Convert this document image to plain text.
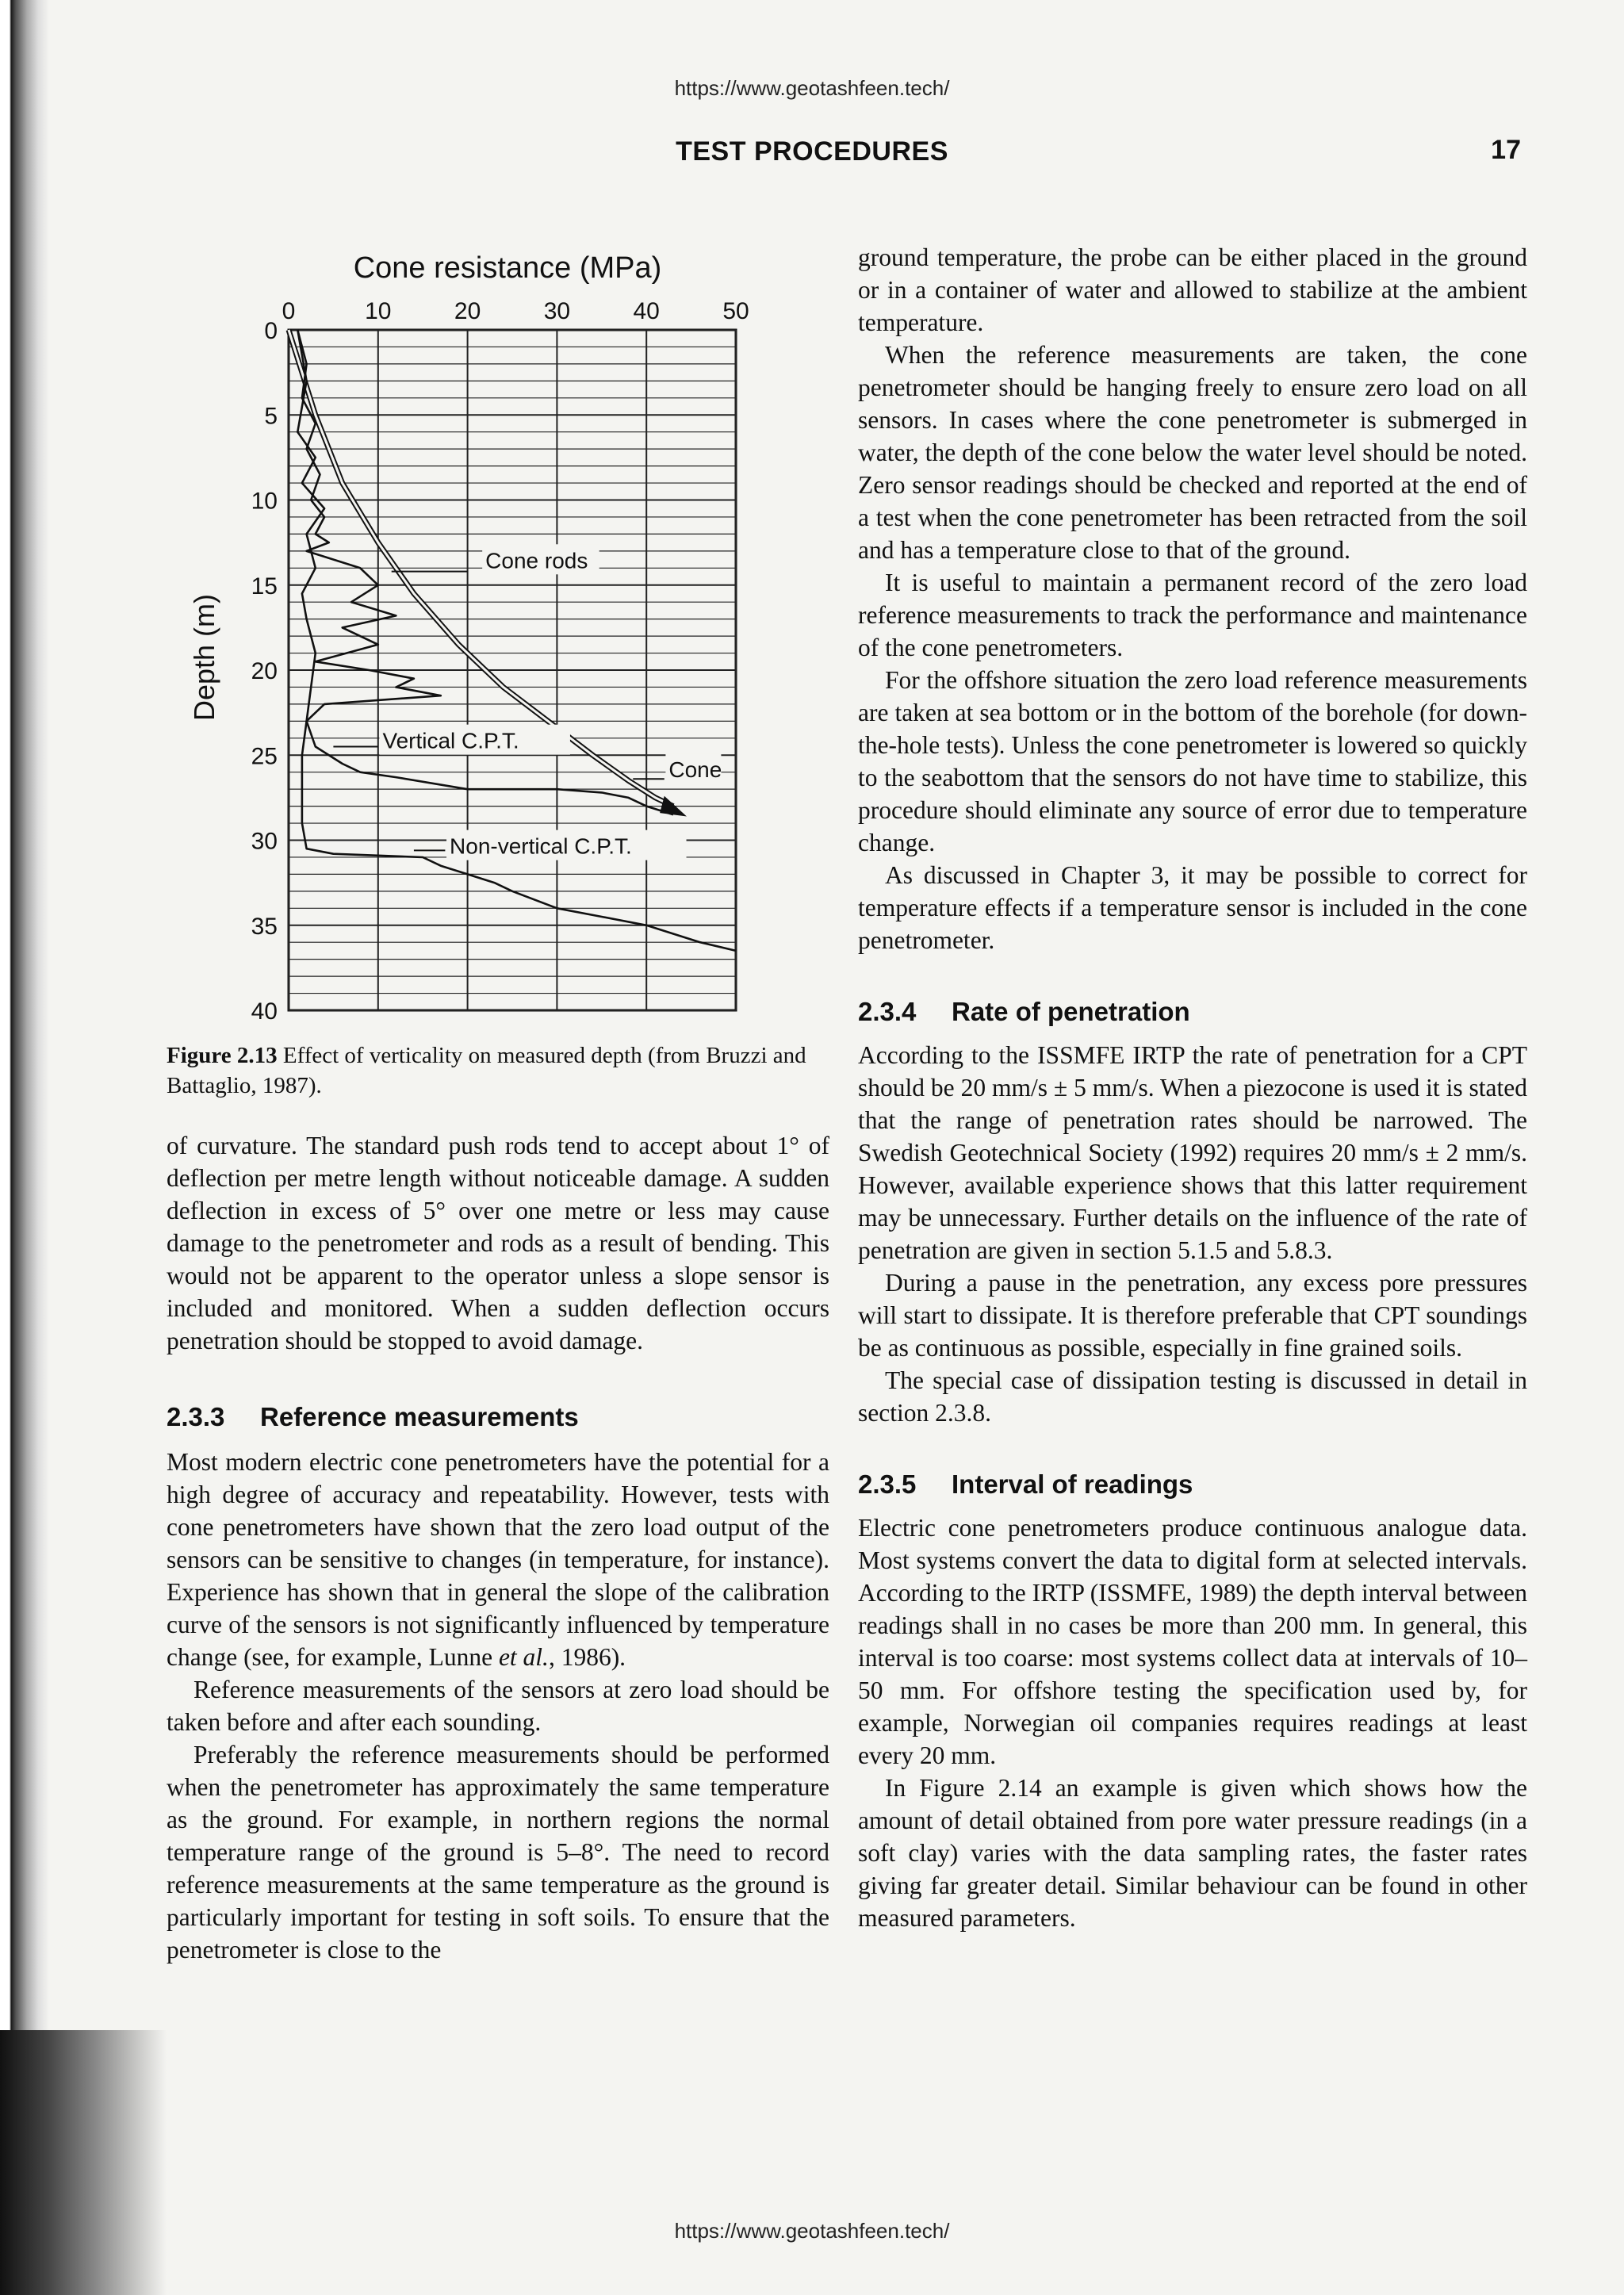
https://www.geotashfeen.tech/
TEST PROCEDURES	17
0	10	20	30	40	50
0
5
10
15
20
25
30
35
40
Cone resistance (MPa)
Depth (m)
Cone rods
Vertical C.P.T.
Non-vertical C.P.T.
Cone
Figure 2.13 Effect of verticality on measured depth (from Bruzzi and Battaglio, 1987).

of curvature. The standard push rods tend to accept about 1° of deflection per metre length without noticeable damage. A sudden deflection in excess of 5° over one metre or less may cause damage to the penetrometer and rods as a result of bending. This would not be apparent to the operator unless a slope sensor is included and monitored. When a sudden deflection occurs penetration should be stopped to avoid damage.

2.3.3 Reference measurements

Most modern electric cone penetrometers have the potential for a high degree of accuracy and repeatability. However, tests with cone penetrometers have shown that the zero load output of the sensors can be sensitive to changes (in temperature, for instance). Experience has shown that in general the slope of the calibration curve of the sensors is not significantly influenced by temperature change (see, for example, Lunne et al., 1986).

Reference measurements of the sensors at zero load should be taken before and after each sounding.

Preferably the reference measurements should be performed when the penetrometer has approximately the same temperature as the ground. For example, in northern regions the normal temperature range of the ground is 5–8°. The need to record reference measurements at the same temperature as the ground is particularly important for testing in soft soils. To ensure that the penetrometer is close to the

ground temperature, the probe can be either placed in the ground or in a container of water and allowed to stabilize at the ambient temperature.

When the reference measurements are taken, the cone penetrometer should be hanging freely to ensure zero load on all sensors. In cases where the cone penetrometer is submerged in water, the depth of the cone below the water level should be noted. Zero sensor readings should be checked and reported at the end of a test when the cone penetrometer has been retracted from the soil and has a temperature close to that of the ground.

It is useful to maintain a permanent record of the zero load reference measurements to track the performance and maintenance of the cone penetrometers.

For the offshore situation the zero load reference measurements are taken at sea bottom or in the bottom of the borehole (for down-the-hole tests). Unless the cone penetrometer is lowered so quickly to the seabottom that the sensors do not have time to stabilize, this procedure should eliminate any source of error due to temperature change.

As discussed in Chapter 3, it may be possible to correct for temperature effects if a temperature sensor is included in the cone penetrometer.

2.3.4 Rate of penetration

According to the ISSMFE IRTP the rate of penetration for a CPT should be 20 mm/s ± 5 mm/s. When a piezocone is used it is stated that the range of penetration rates should be narrowed. The Swedish Geotechnical Society (1992) requires 20 mm/s ± 2 mm/s. However, available experience shows that this latter requirement may be unnecessary. Further details on the influence of the rate of penetration are given in section 5.1.5 and 5.8.3.

During a pause in the penetration, any excess pore pressures will start to dissipate. It is therefore preferable that CPT soundings be as continuous as possible, especially in fine grained soils.

The special case of dissipation testing is discussed in detail in section 2.3.8.

2.3.5 Interval of readings

Electric cone penetrometers produce continuous analogue data. Most systems convert the data to digital form at selected intervals. According to the IRTP (ISSMFE, 1989) the depth interval between readings shall in no cases be more than 200 mm. In general, this interval is too coarse: most systems collect data at intervals of 10–50 mm. For offshore testing the specification used by, for example, Norwegian oil companies requires readings at least every 20 mm.

In Figure 2.14 an example is given which shows how the amount of detail obtained from pore water pressure readings (in a soft clay) varies with the data sampling rates, the faster rates giving far greater detail. Similar behaviour can be found in other measured parameters.

https://www.geotashfeen.tech/
